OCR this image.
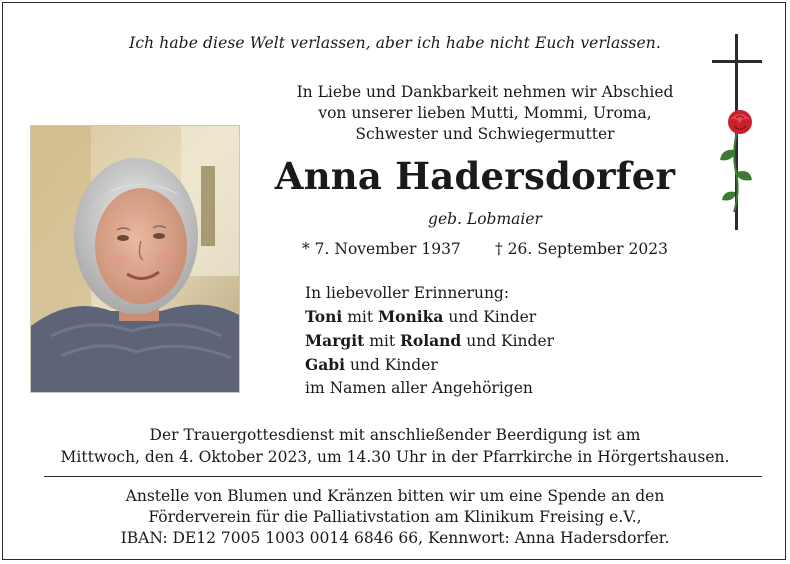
Ich habe diese Welt verlassen, aber ich habe nicht Euch verlassen.
In Liebe und Dankbarkeit nehmen wir Abschied
von unserer lieben Mutti, Mommi, Uroma,
Schwester und Schwiegermutter
Anna Hadersdorfer
geb. Lobmaier
* 7. November 1937 † 26. September 2023
In liebevoller Erinnerung:
Toni mit Monika und Kinder
Margit mit Roland und Kinder
Gabi und Kinder
im Namen aller Angehörigen
Der Trauergottesdienst mit anschließender Beerdigung ist am
Mittwoch, den 4. Oktober 2023, um 14.30 Uhr in der Pfarrkirche in Hörgertshausen.
Anstelle von Blumen und Kränzen bitten wir um eine Spende an den
Förderverein für die Palliativstation am Klinikum Freising e.V.,
IBAN: DE12 7005 1003 0014 6846 66, Kennwort: Anna Hadersdorfer.
